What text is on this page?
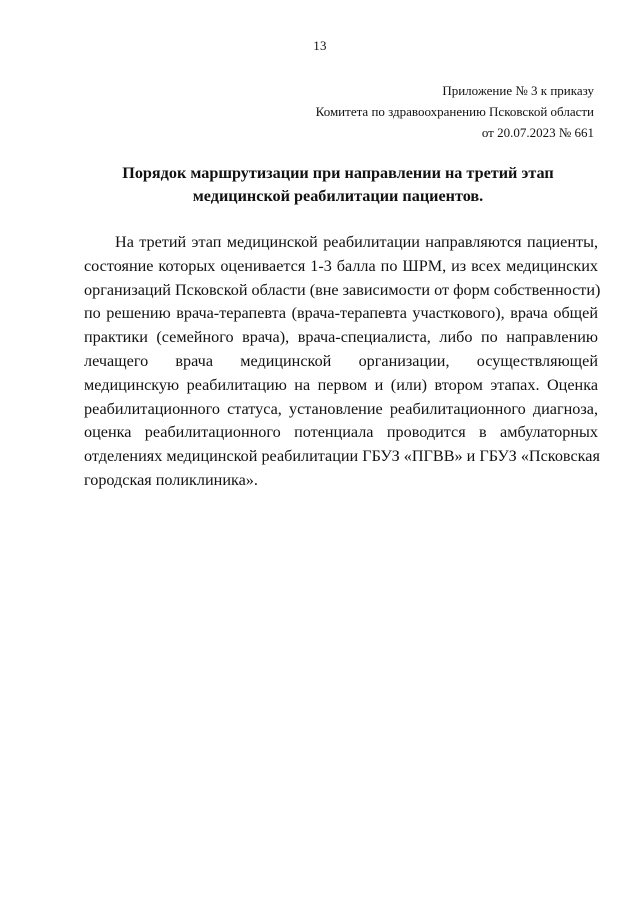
13
Приложение № 3 к приказу
Комитета по здравоохранению Псковской области
от 20.07.2023 № 661
Порядок маршрутизации при направлении на третий этап
медицинской реабилитации пациентов.
На третий этап медицинской реабилитации направляются пациенты,
состояние которых оценивается 1-3 балла по ШРМ, из всех медицинских
организаций Псковской области (вне зависимости от форм собственности)
по решению врача-терапевта (врача-терапевта участкового), врача общей
практики (семейного врача), врача-специалиста, либо по направлению
лечащего врача медицинской организации, осуществляющей
медицинскую реабилитацию на первом и (или) втором этапах. Оценка
реабилитационного статуса, установление реабилитационного диагноза,
оценка реабилитационного потенциала проводится в амбулаторных
отделениях медицинской реабилитации ГБУЗ «ПГВВ» и ГБУЗ «Псковская
городская поликлиника».
